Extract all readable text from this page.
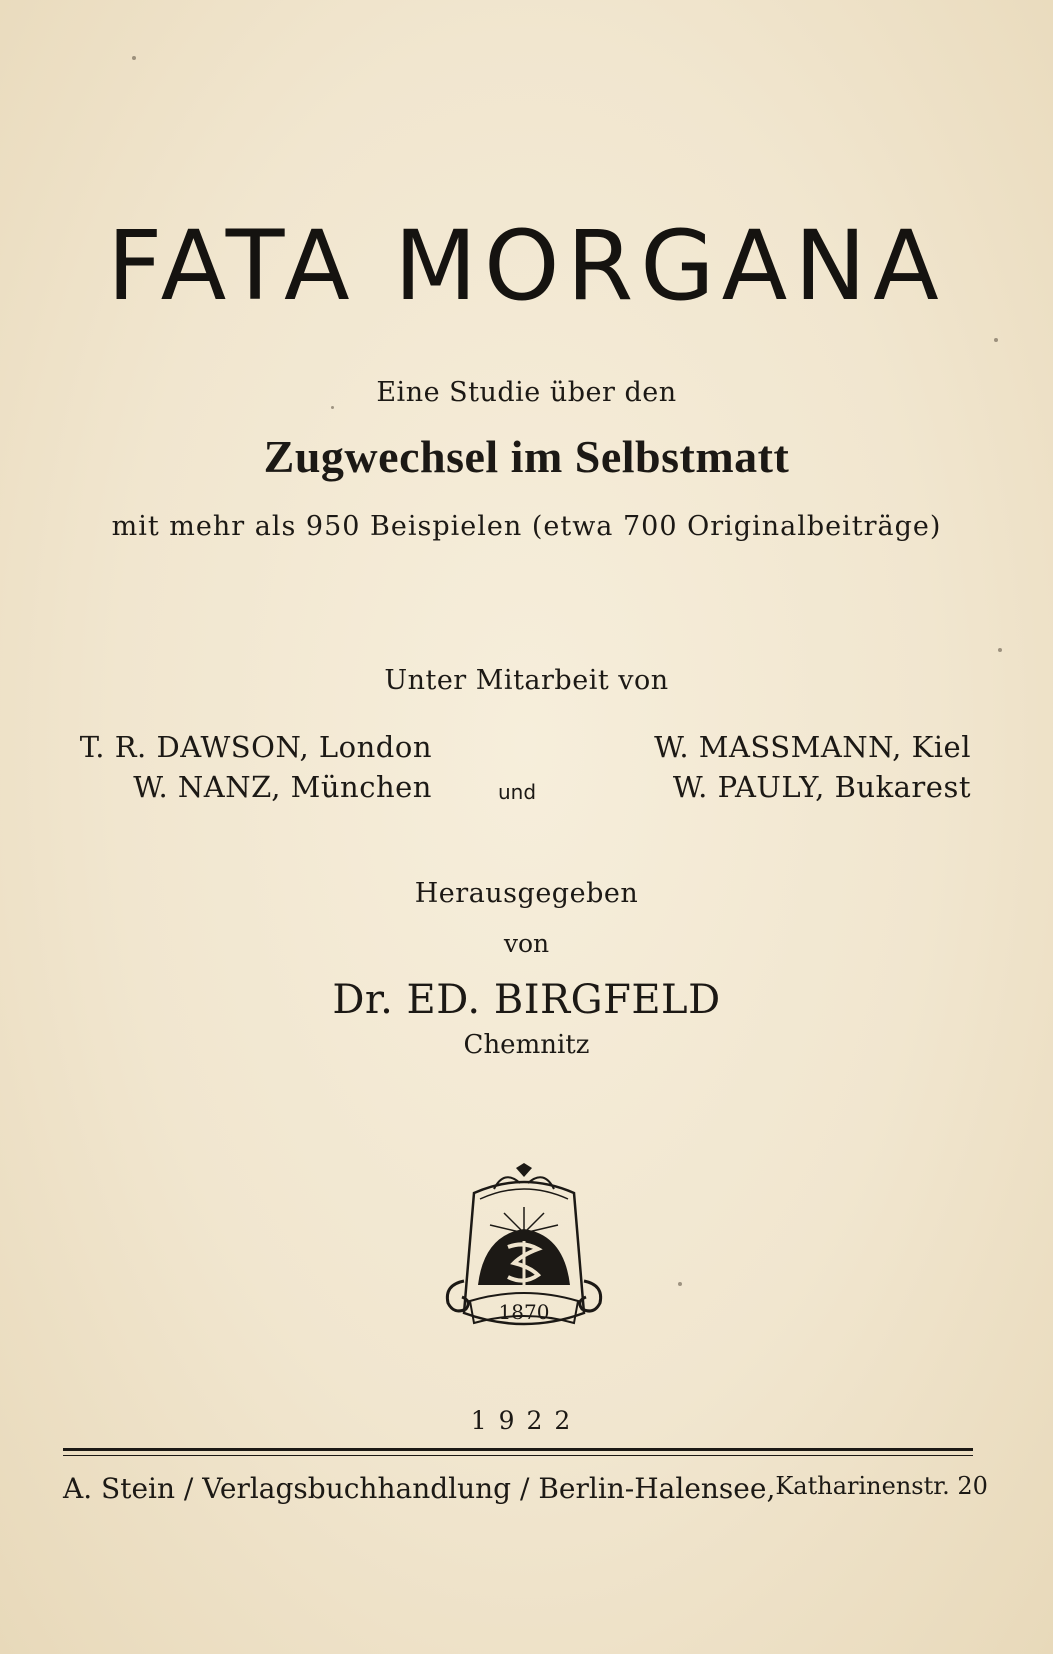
FATA MORGANA
Eine Studie über den
Zugwechsel im Selbstmatt
mit mehr als 950 Beispielen (etwa 700 Originalbeiträge)
Unter Mitarbeit von
T. R. DAWSON, London
W. NANZ, München	und
W. MASSMANN, Kiel
W. PAULY, Bukarest
Herausgegeben
von
Dr. ED. BIRGFELD
Chemnitz
1870
1922
A. Stein / Verlagsbuchhandlung / Berlin-Halensee, Katharinenstr. 20
